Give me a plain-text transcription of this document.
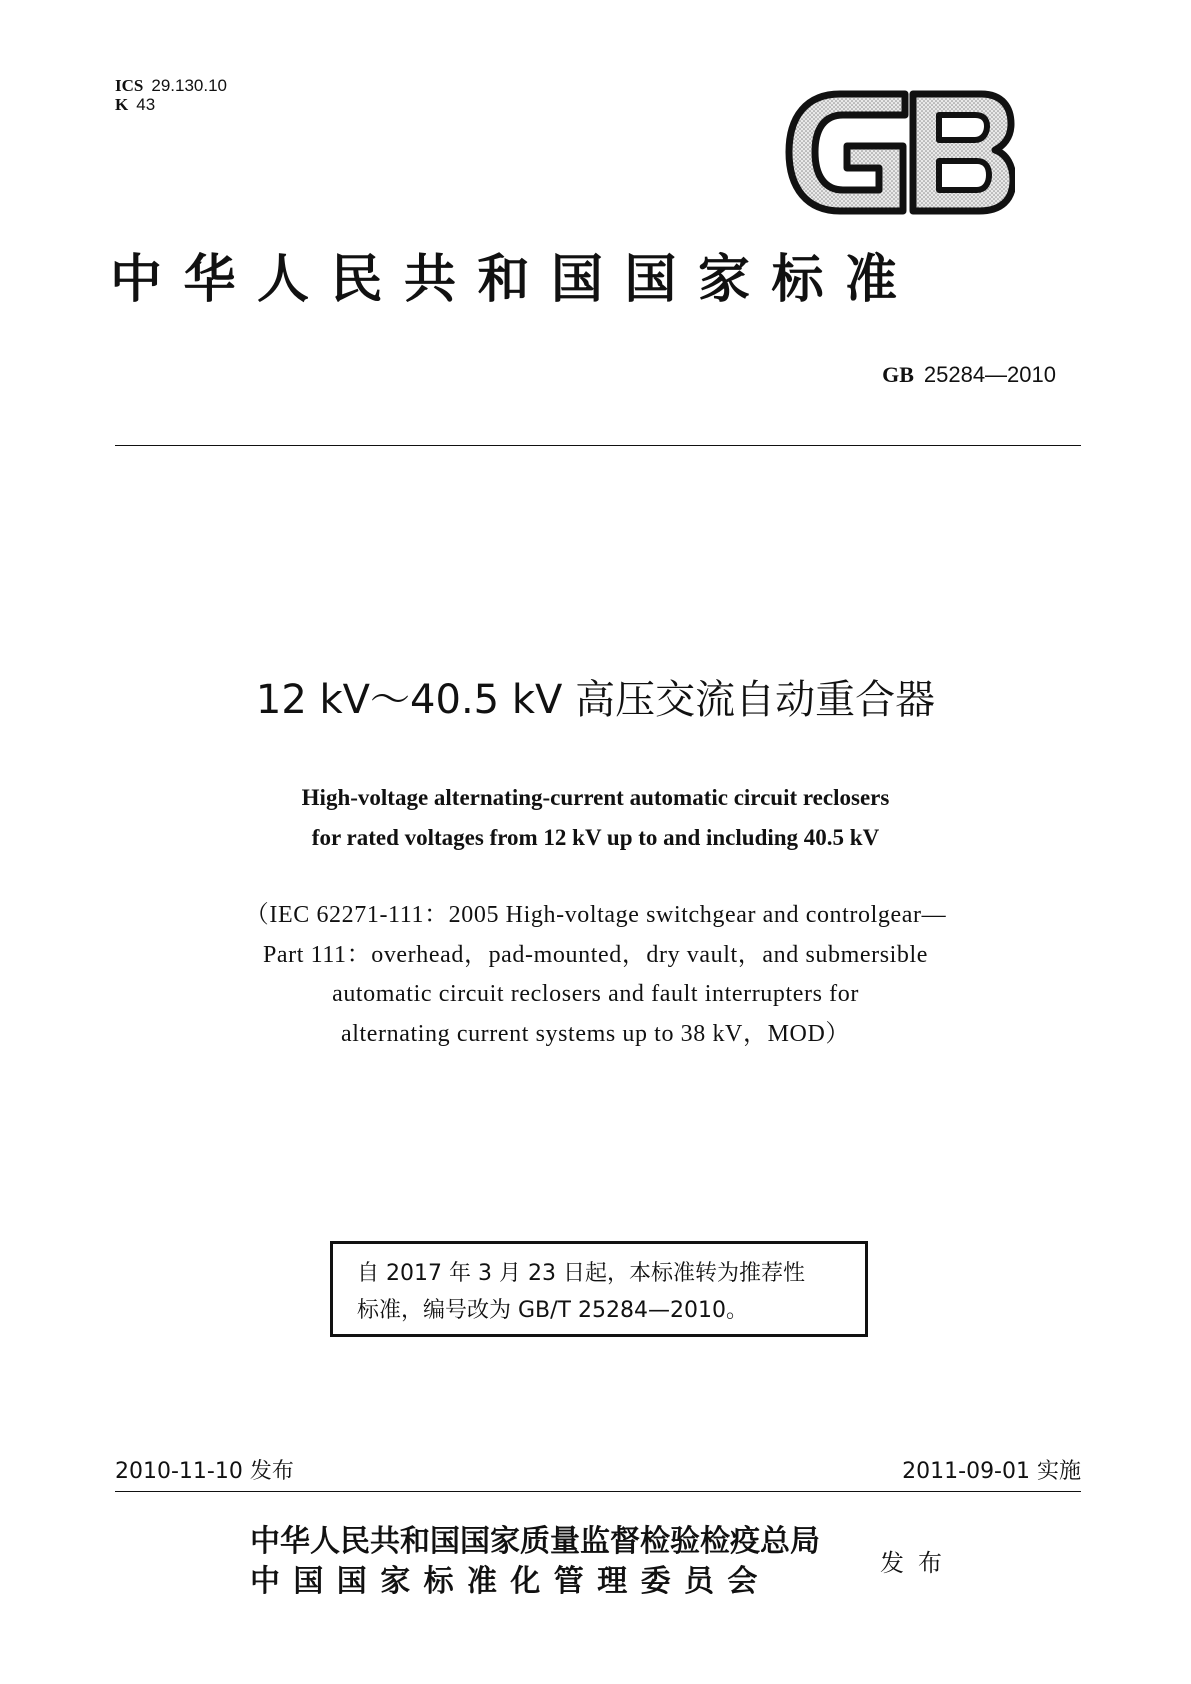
ICS 29.130.10
K 43
中华人民共和国国家标准
GB 25284—2010
12 kV～40.5 kV 高压交流自动重合器
High-voltage alternating-current automatic circuit reclosers
for rated voltages from 12 kV up to and including 40.5 kV
（IEC 62271-111：2005 High-voltage switchgear and controlgear—
Part 111：overhead，pad-mounted，dry vault，and submersible
automatic circuit reclosers and fault interrupters for
alternating current systems up to 38 kV，MOD）
自 2017 年 3 月 23 日起，本标准转为推荐性
标准，编号改为 GB/T 25284—2010。
2010-11-10 发布	2011-09-01 实施
中华人民共和国国家质量监督检验检疫总局
中国国家标准化管理委员会
发布
